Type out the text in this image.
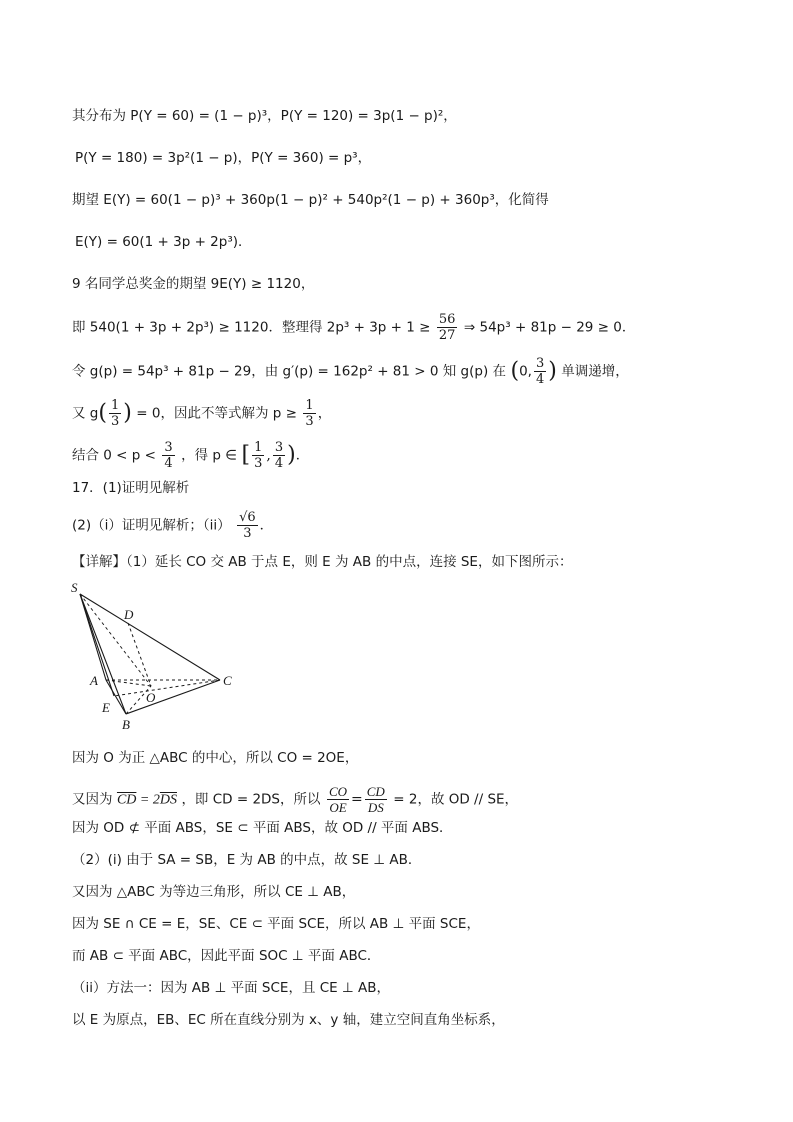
其分布为 P(Y = 60) = (1 − p)³，P(Y = 120) = 3p(1 − p)²，
P(Y = 180) = 3p²(1 − p)，P(Y = 360) = p³，
期望 E(Y) = 60(1 − p)³ + 360p(1 − p)² + 540p²(1 − p) + 360p³，化简得
E(Y) = 60(1 + 3p + 2p³)．
9 名同学总奖金的期望 9E(Y) ≥ 1120，
即 540(1 + 3p + 2p³) ≥ 1120．整理得 $2p^3 + 3p + 1 \ge \frac{56}{27}$ ⇒ 54p³ + 81p − 29 ≥ 0．
令 g(p) = 54p³ + 81p − 29，由 g′(p) = 162p² + 81 > 0 知 g(p) 在 (0, $\frac{3}{4}$ ) 单调递增，
又 $g( \frac{1}{3}$ ) = 0，因此不等式解为 $p \ge \frac{1}{3}$ ，
结合 $0 < p < \frac{3}{4}$ ，得 p ∈ [ $\frac{1}{3}$ , $\frac{3}{4}$ )．
17．(1)证明见解析
(2)（i）证明见解析；$(ii) \frac{√6}{3}$ ．
【详解】（1）延长 CO 交 AB 于点 E，则 E 为 AB 的中点，连接 SE，如下图所示：
S
D
A
O
C
E
B
因为 O 为正 △ABC 的中心，所以 CO = 2OE，
又因为 $\overline{CD} = 2\overline{DS}$ ，即 CD = 2DS，所以 $\frac{CO}{OE} = \frac{CD}{DS} = 2$，故 OD // SE，
因为 OD ⊄ 平面 ABS，SE ⊂ 平面 ABS，故 OD // 平面 ABS．
（2）(i) 由于 SA = SB，E 为 AB 的中点，故 SE ⊥ AB．
又因为 △ABC 为等边三角形，所以 CE ⊥ AB，
因为 SE ∩ CE = E，SE、CE ⊂ 平面 SCE，所以 AB ⊥ 平面 SCE，
而 AB ⊂ 平面 ABC，因此平面 SOC ⊥ 平面 ABC．
（ii）方法一：因为 AB ⊥ 平面 SCE，且 CE ⊥ AB，
以 E 为原点，EB、EC 所在直线分别为 x、y 轴，建立空间直角坐标系，
